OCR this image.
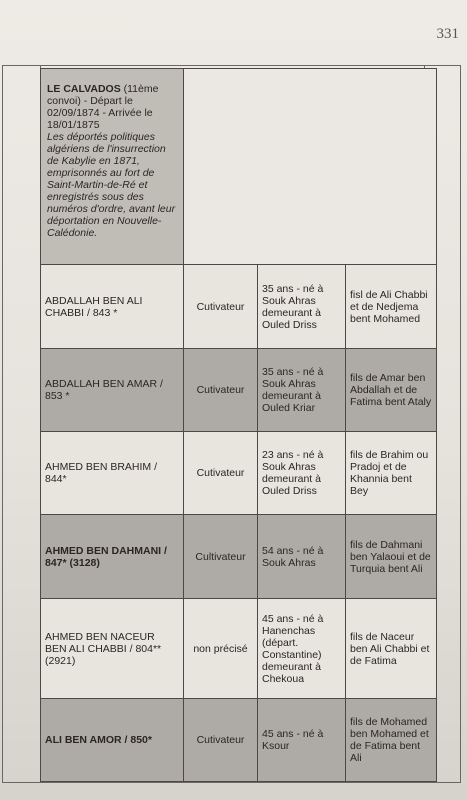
331
LE CALVADOS (11ème convoi) - Départ le 02/09/1874 - Arrivée le 18/01/1875
Les déportés politiques algériens de l'insurrection de Kabylie en 1871, emprisonnés au fort de Saint-Martin-de-Ré et enregistrés sous des numéros d'ordre, avant leur déportation en Nouvelle-Calédonie.			

ABDALLAH BEN ALI CHABBI / 843 *	Cutivateur	35 ans - né à Souk Ahras demeurant à Ouled Driss	fisl de Ali Chabbi et de Nedjema bent Mohamed
ABDALLAH BEN AMAR / 853 *	Cutivateur	35 ans - né à Souk Ahras demeurant à Ouled Kriar	fils de Amar ben Abdallah et de Fatima bent Ataly
AHMED BEN BRAHIM / 844*	Cutivateur	23 ans - né à Souk Ahras demeurant à Ouled Driss	fils de Brahim ou Pradoj et de Khannia bent Bey
AHMED BEN DAHMANI / 847* (3128)	Cultivateur	54 ans - né à Souk Ahras	fils de Dahmani ben Yalaoui et de Turquia bent Ali
AHMED BEN NACEUR BEN ALI CHABBI / 804** (2921)	non précisé	45 ans - né à Hanenchas (départ. Constantine) demeurant à Chekoua	fils de Naceur ben Ali Chabbi et de Fatima
ALI BEN AMOR / 850*	Cutivateur	45 ans - né à Ksour	fils de Mohamed ben Mohamed et de Fatima bent Ali
